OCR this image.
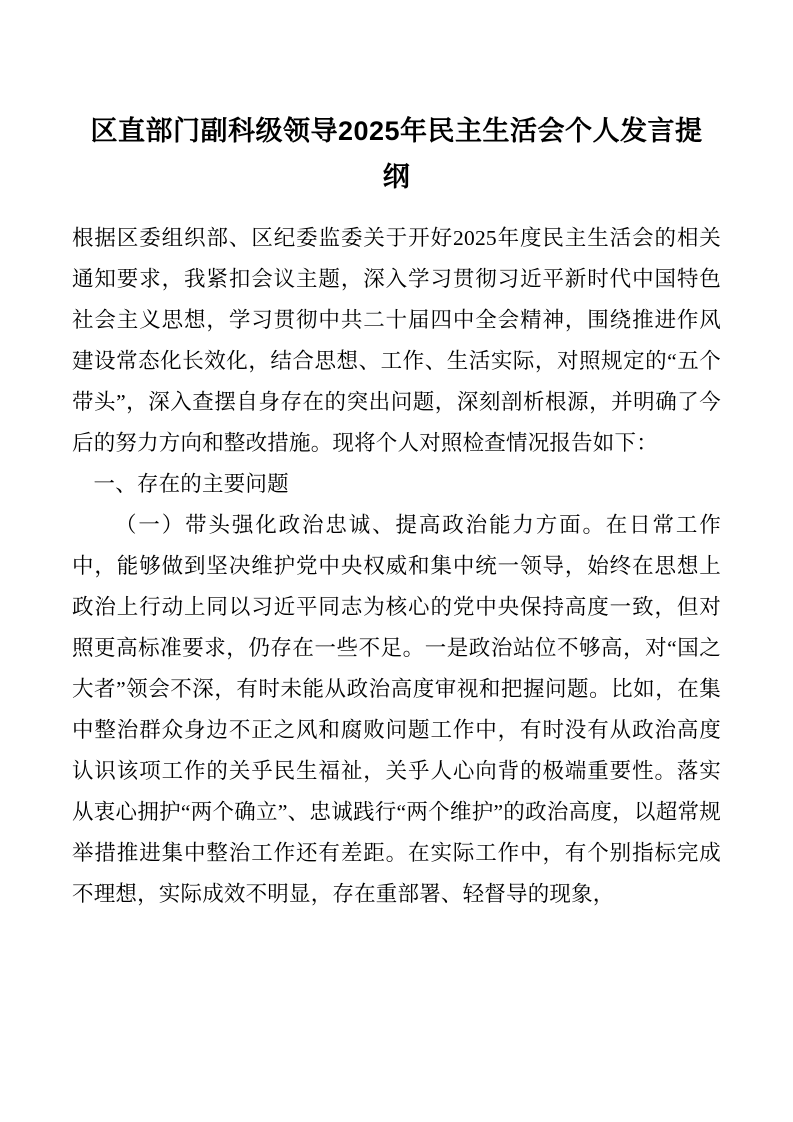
区直部门副科级领导2025年民主生活会个人发言提纲

根据区委组织部、区纪委监委关于开好2025年度民主生活会的相关通知要求，我紧扣会议主题，深入学习贯彻习近平新时代中国特色社会主义思想，学习贯彻中共二十届四中全会精神，围绕推进作风建设常态化长效化，结合思想、工作、生活实际，对照规定的“五个带头”，深入查摆自身存在的突出问题，深刻剖析根源，并明确了今后的努力方向和整改措施。现将个人对照检查情况报告如下：

一、存在的主要问题

（一）带头强化政治忠诚、提高政治能力方面。在日常工作中，能够做到坚决维护党中央权威和集中统一领导，始终在思想上政治上行动上同以习近平同志为核心的党中央保持高度一致，但对照更高标准要求，仍存在一些不足。一是政治站位不够高，对“国之大者”领会不深，有时未能从政治高度审视和把握问题。比如，在集中整治群众身边不正之风和腐败问题工作中，有时没有从政治高度认识该项工作的关乎民生福祉，关乎人心向背的极端重要性。落实从衷心拥护“两个确立”、忠诚践行“两个维护”的政治高度，以超常规举措推进集中整治工作还有差距。在实际工作中，有个别指标完成不理想，实际成效不明显，存在重部署、轻督导的现象，
